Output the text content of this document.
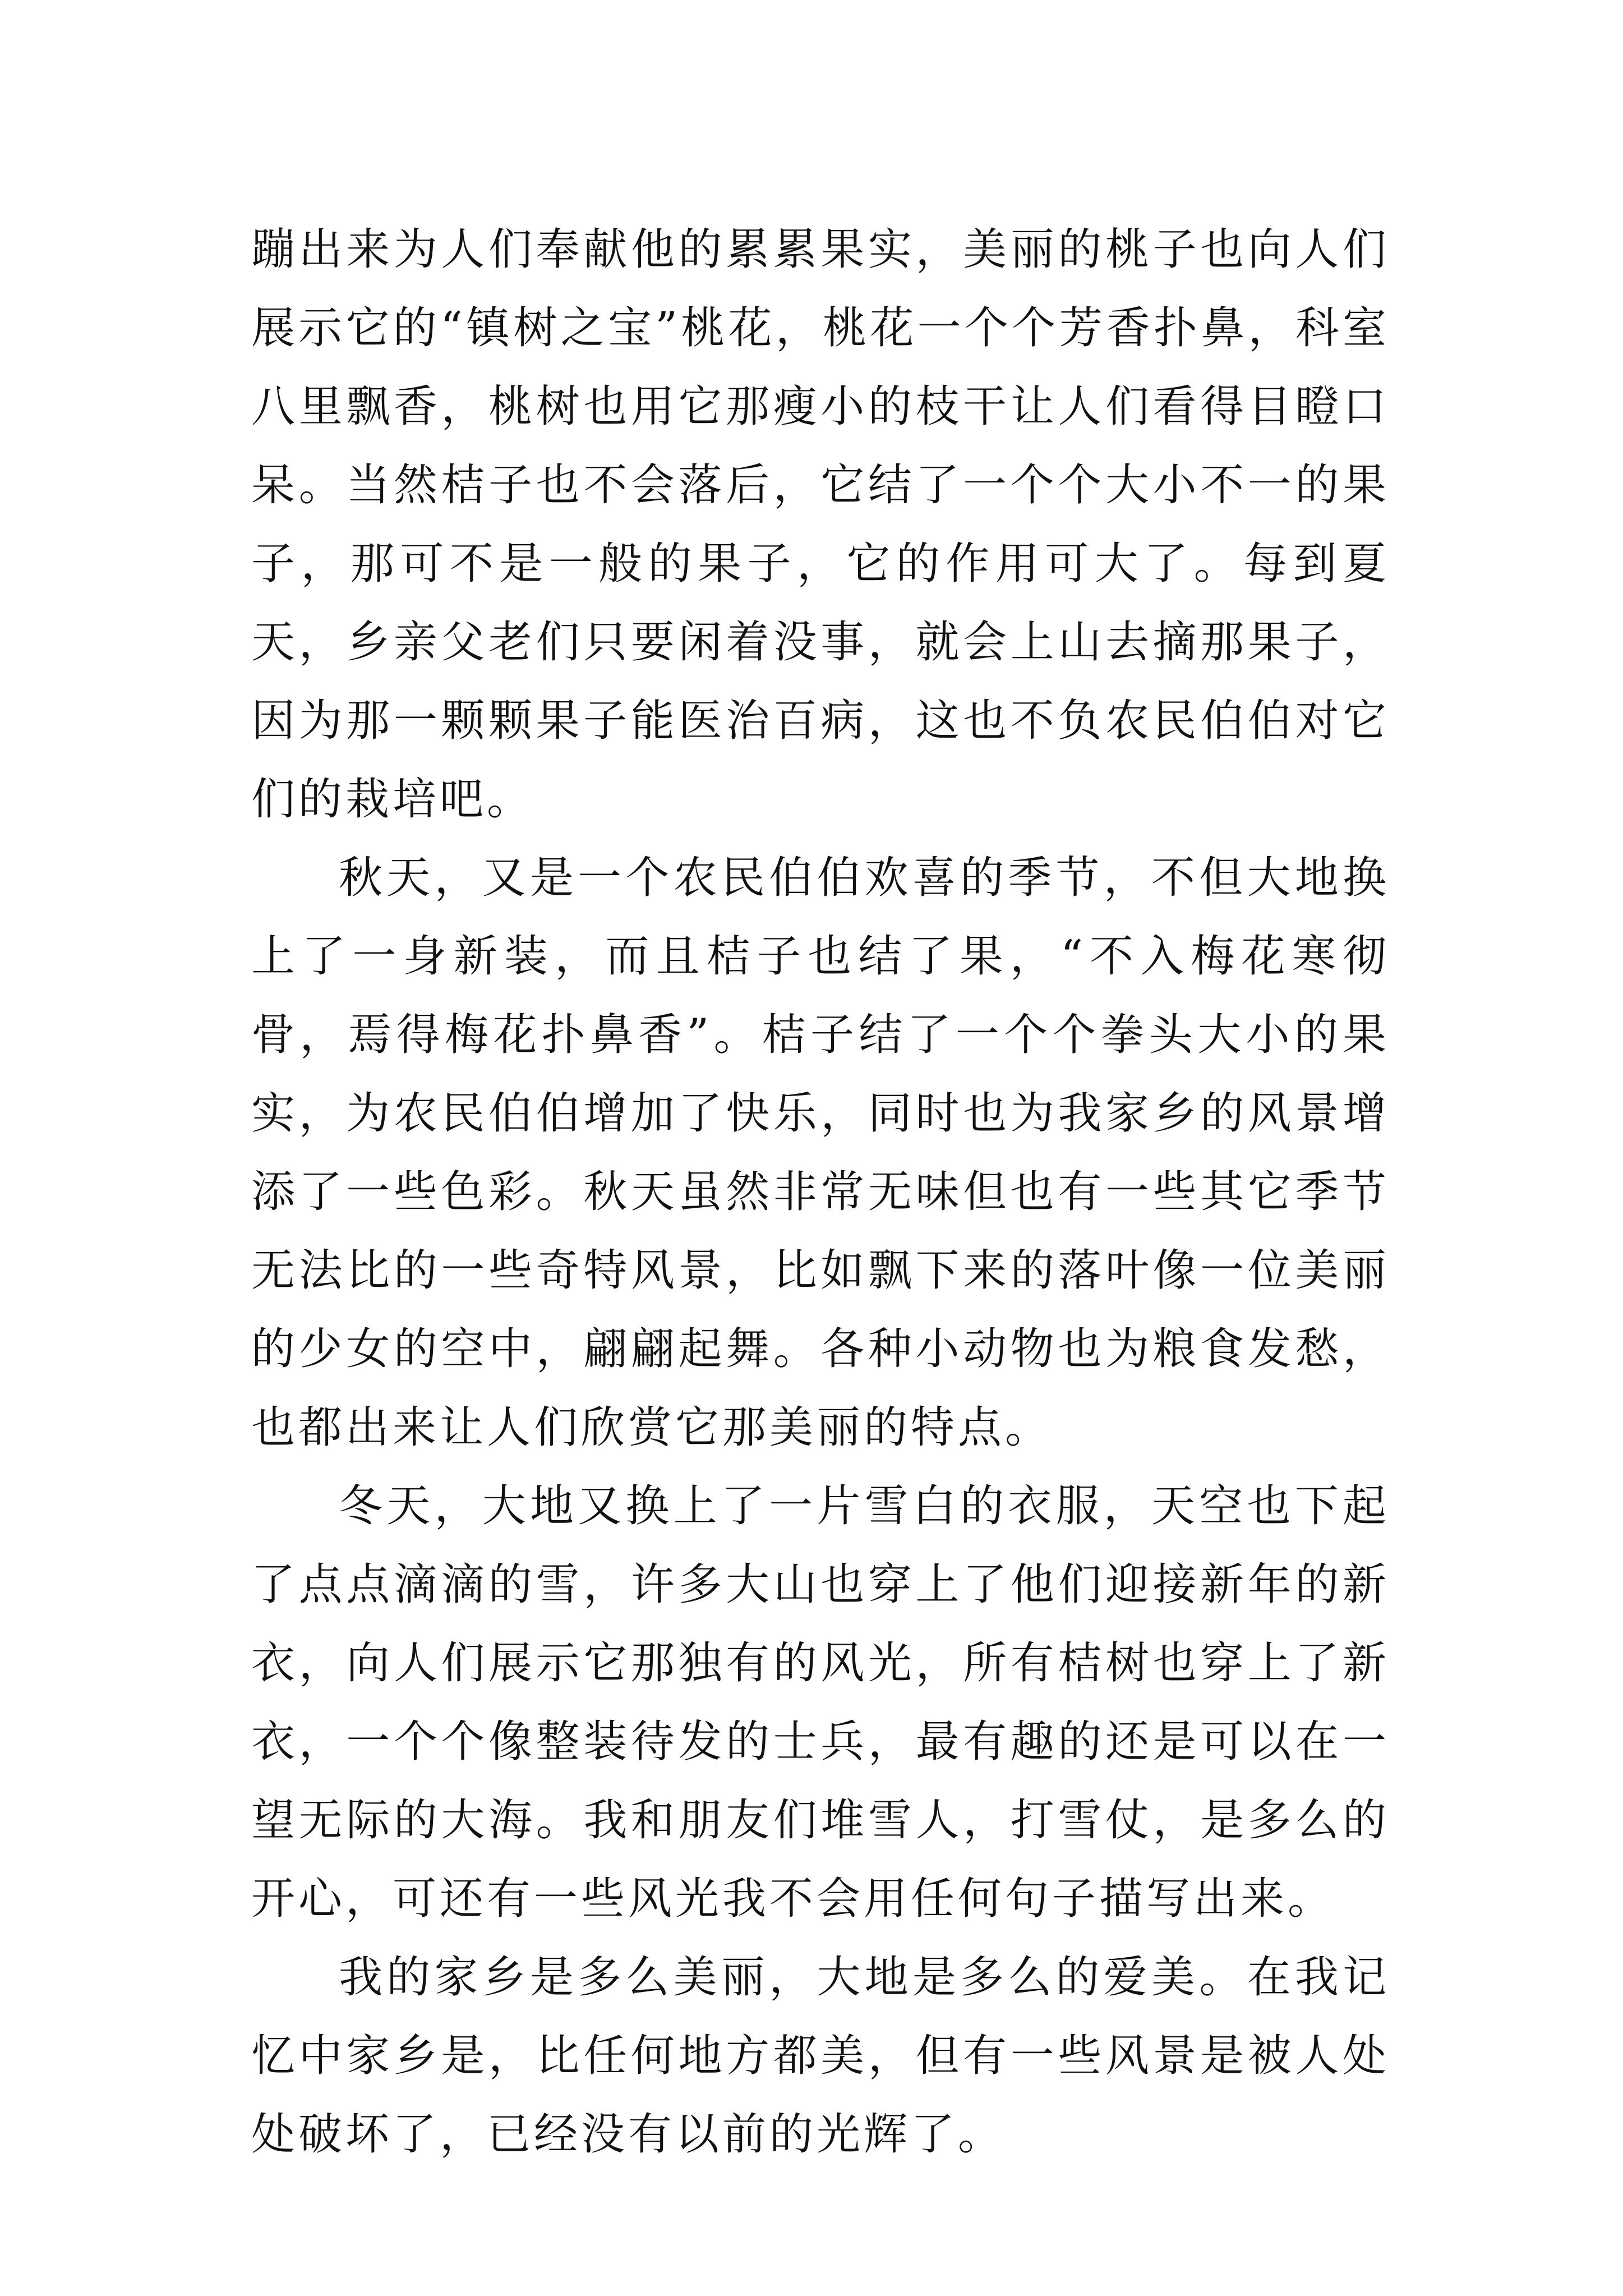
蹦出来为人们奉献他的累累果实，美丽的桃子也向人们展示它的“镇树之宝”桃花，桃花一个个芳香扑鼻，科室八里飘香，桃树也用它那瘦小的枝干让人们看得目瞪口呆。当然桔子也不会落后，它结了一个个大小不一的果子，那可不是一般的果子，它的作用可大了。每到夏天，乡亲父老们只要闲着没事，就会上山去摘那果子，因为那一颗颗果子能医治百病，这也不负农民伯伯对它们的栽培吧。

秋天，又是一个农民伯伯欢喜的季节，不但大地换上了一身新装，而且桔子也结了果，“不入梅花寒彻骨，焉得梅花扑鼻香”。桔子结了一个个拳头大小的果实，为农民伯伯增加了快乐，同时也为我家乡的风景增添了一些色彩。秋天虽然非常无味但也有一些其它季节无法比的一些奇特风景，比如飘下来的落叶像一位美丽的少女的空中，翩翩起舞。各种小动物也为粮食发愁，也都出来让人们欣赏它那美丽的特点。

冬天，大地又换上了一片雪白的衣服，天空也下起了点点滴滴的雪，许多大山也穿上了他们迎接新年的新衣，向人们展示它那独有的风光，所有桔树也穿上了新衣，一个个像整装待发的士兵，最有趣的还是可以在一望无际的大海。我和朋友们堆雪人，打雪仗，是多么的开心，可还有一些风光我不会用任何句子描写出来。

我的家乡是多么美丽，大地是多么的爱美。在我记忆中家乡是，比任何地方都美，但有一些风景是被人处处破坏了，已经没有以前的光辉了。
